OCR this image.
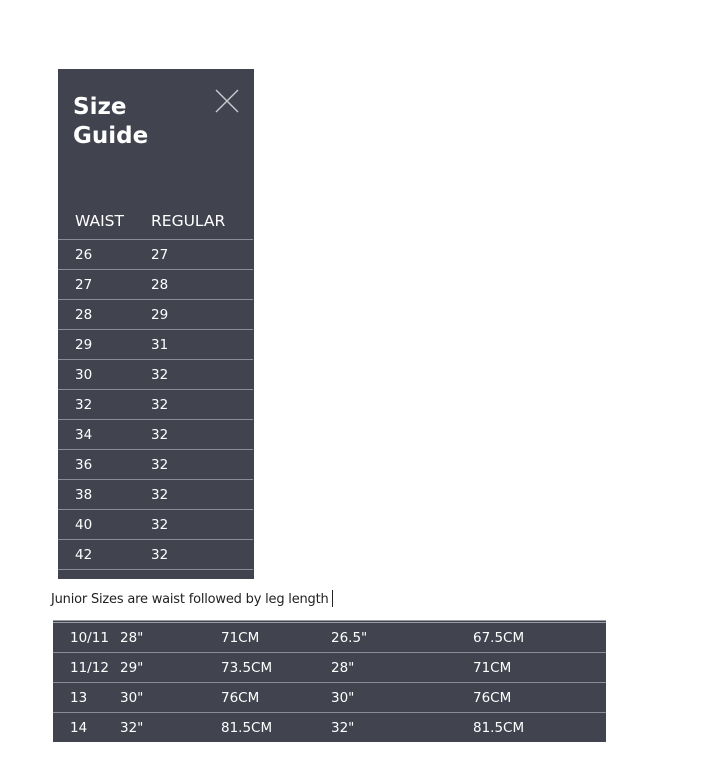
Size Guide
WAIST	REGULAR
26	27
27	28
28	29
29	31
30	32
32	32
34	32
36	32
38	32
40	32
42	32
Junior Sizes are waist followed by leg length
10/11	28"	71CM	26.5"	67.5CM
11/12	29"	73.5CM	28"	71CM
13	30"	76CM	30"	76CM
14	32"	81.5CM	32"	81.5CM
